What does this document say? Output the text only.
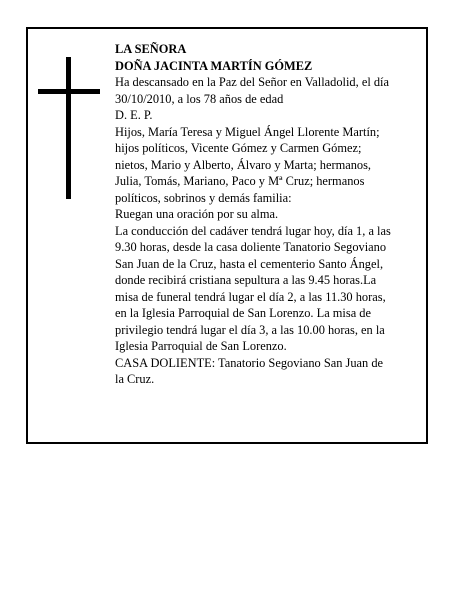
LA SEÑORA
DOÑA JACINTA MARTÍN GÓMEZ
Ha descansado en la Paz del Señor en Valladolid, el día
30/10/2010, a los 78 años de edad
D. E. P.
Hijos, María Teresa y Miguel Ángel Llorente Martín;
hijos políticos, Vicente Gómez y Carmen Gómez;
nietos, Mario y Alberto, Álvaro y Marta; hermanos,
Julia, Tomás, Mariano, Paco y Mª Cruz; hermanos
políticos, sobrinos y demás familia:
Ruegan una oración por su alma.
La conducción del cadáver tendrá lugar hoy, día 1, a las
9.30 horas, desde la casa doliente Tanatorio Segoviano
San Juan de la Cruz, hasta el cementerio Santo Ángel,
donde recibirá cristiana sepultura a las 9.45 horas.La
misa de funeral tendrá lugar el día 2, a las 11.30 horas,
en la Iglesia Parroquial de San Lorenzo. La misa de
privilegio tendrá lugar el día 3, a las 10.00 horas, en la
Iglesia Parroquial de San Lorenzo.
CASA DOLIENTE: Tanatorio Segoviano San Juan de
la Cruz.
